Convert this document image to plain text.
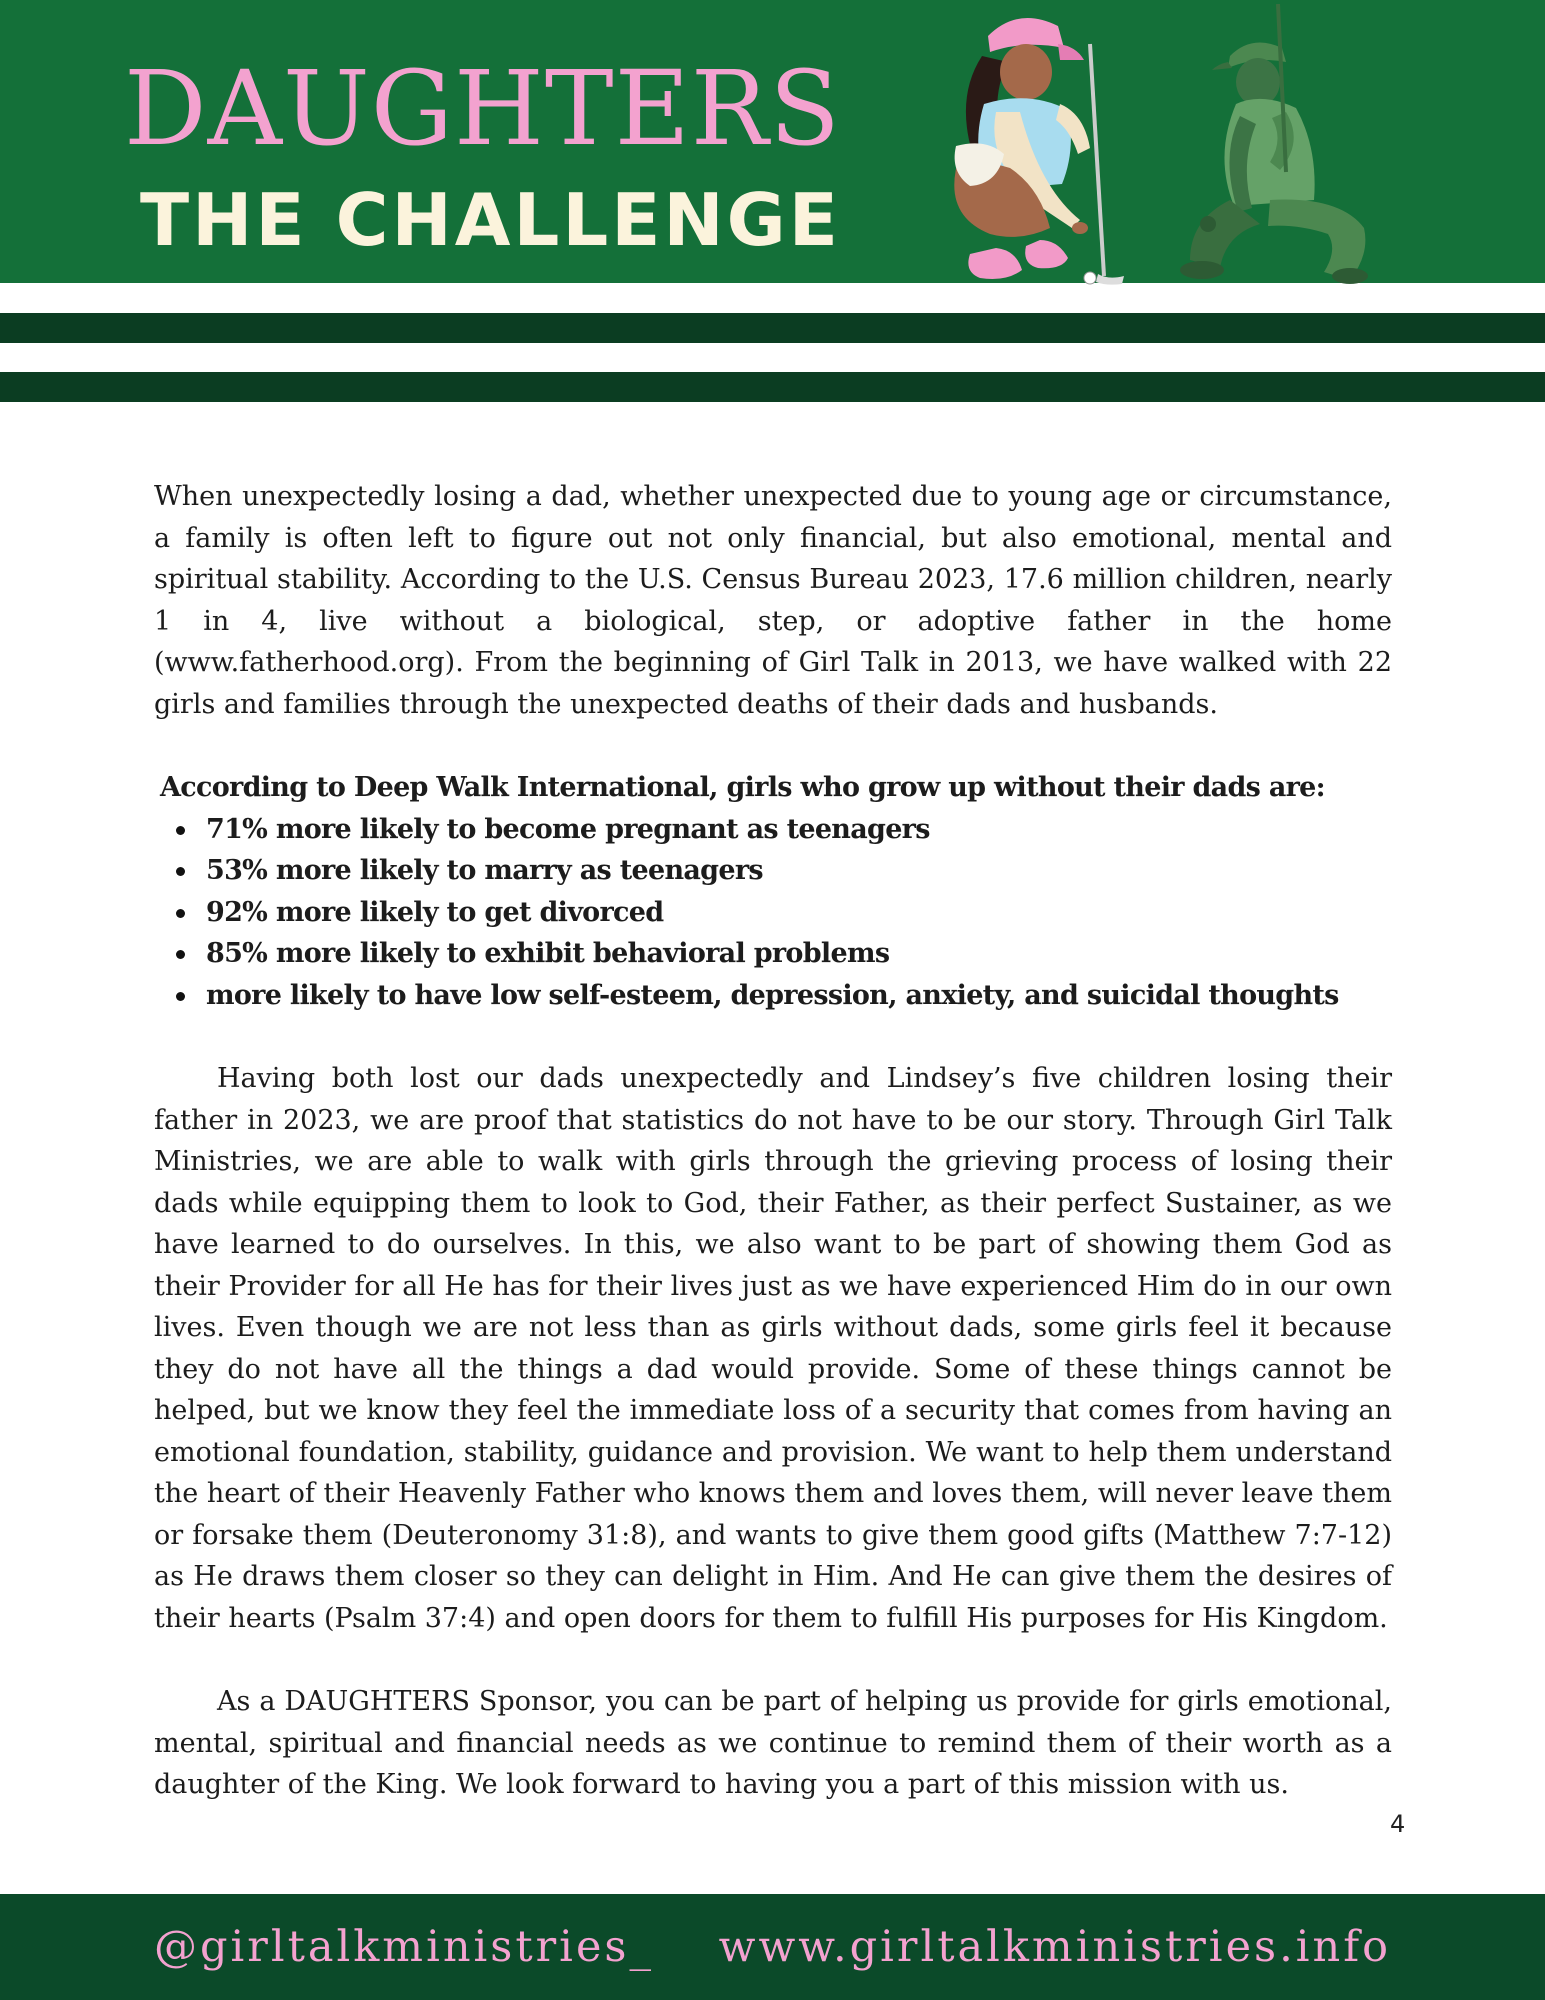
DAUGHTERS
THE CHALLENGE

When unexpectedly losing a dad, whether unexpected due to young age or circumstance, a family is often left to figure out not only financial, but also emotional, mental and spiritual stability. According to the U.S. Census Bureau 2023, 17.6 million children, nearly 1 in 4, live without a biological, step, or adoptive father in the home (www.fatherhood.org). From the beginning of Girl Talk in 2013, we have walked with 22 girls and families through the unexpected deaths of their dads and husbands.

According to Deep Walk International, girls who grow up without their dads are:

71% more likely to become pregnant as teenagers
53% more likely to marry as teenagers
92% more likely to get divorced
85% more likely to exhibit behavioral problems
more likely to have low self-esteem, depression, anxiety, and suicidal thoughts

Having both lost our dads unexpectedly and Lindsey’s five children losing their father in 2023, we are proof that statistics do not have to be our story. Through Girl Talk Ministries, we are able to walk with girls through the grieving process of losing their dads while equipping them to look to God, their Father, as their perfect Sustainer, as we have learned to do ourselves. In this, we also want to be part of showing them God as their Provider for all He has for their lives just as we have experienced Him do in our own lives. Even though we are not less than as girls without dads, some girls feel it because they do not have all the things a dad would provide. Some of these things cannot be helped, but we know they feel the immediate loss of a security that comes from having an emotional foundation, stability, guidance and provision. We want to help them understand the heart of their Heavenly Father who knows them and loves them, will never leave them or forsake them (Deuteronomy 31:8), and wants to give them good gifts (Matthew 7:7-12) as He draws them closer so they can delight in Him. And He can give them the desires of their hearts (Psalm 37:4) and open doors for them to fulfill His purposes for His Kingdom.

As a DAUGHTERS Sponsor, you can be part of helping us provide for girls emotional, mental, spiritual and financial needs as we continue to remind them of their worth as a daughter of the King. We look forward to having you a part of this mission with us.

4
@girltalkministries_ www.girltalkministries.info
